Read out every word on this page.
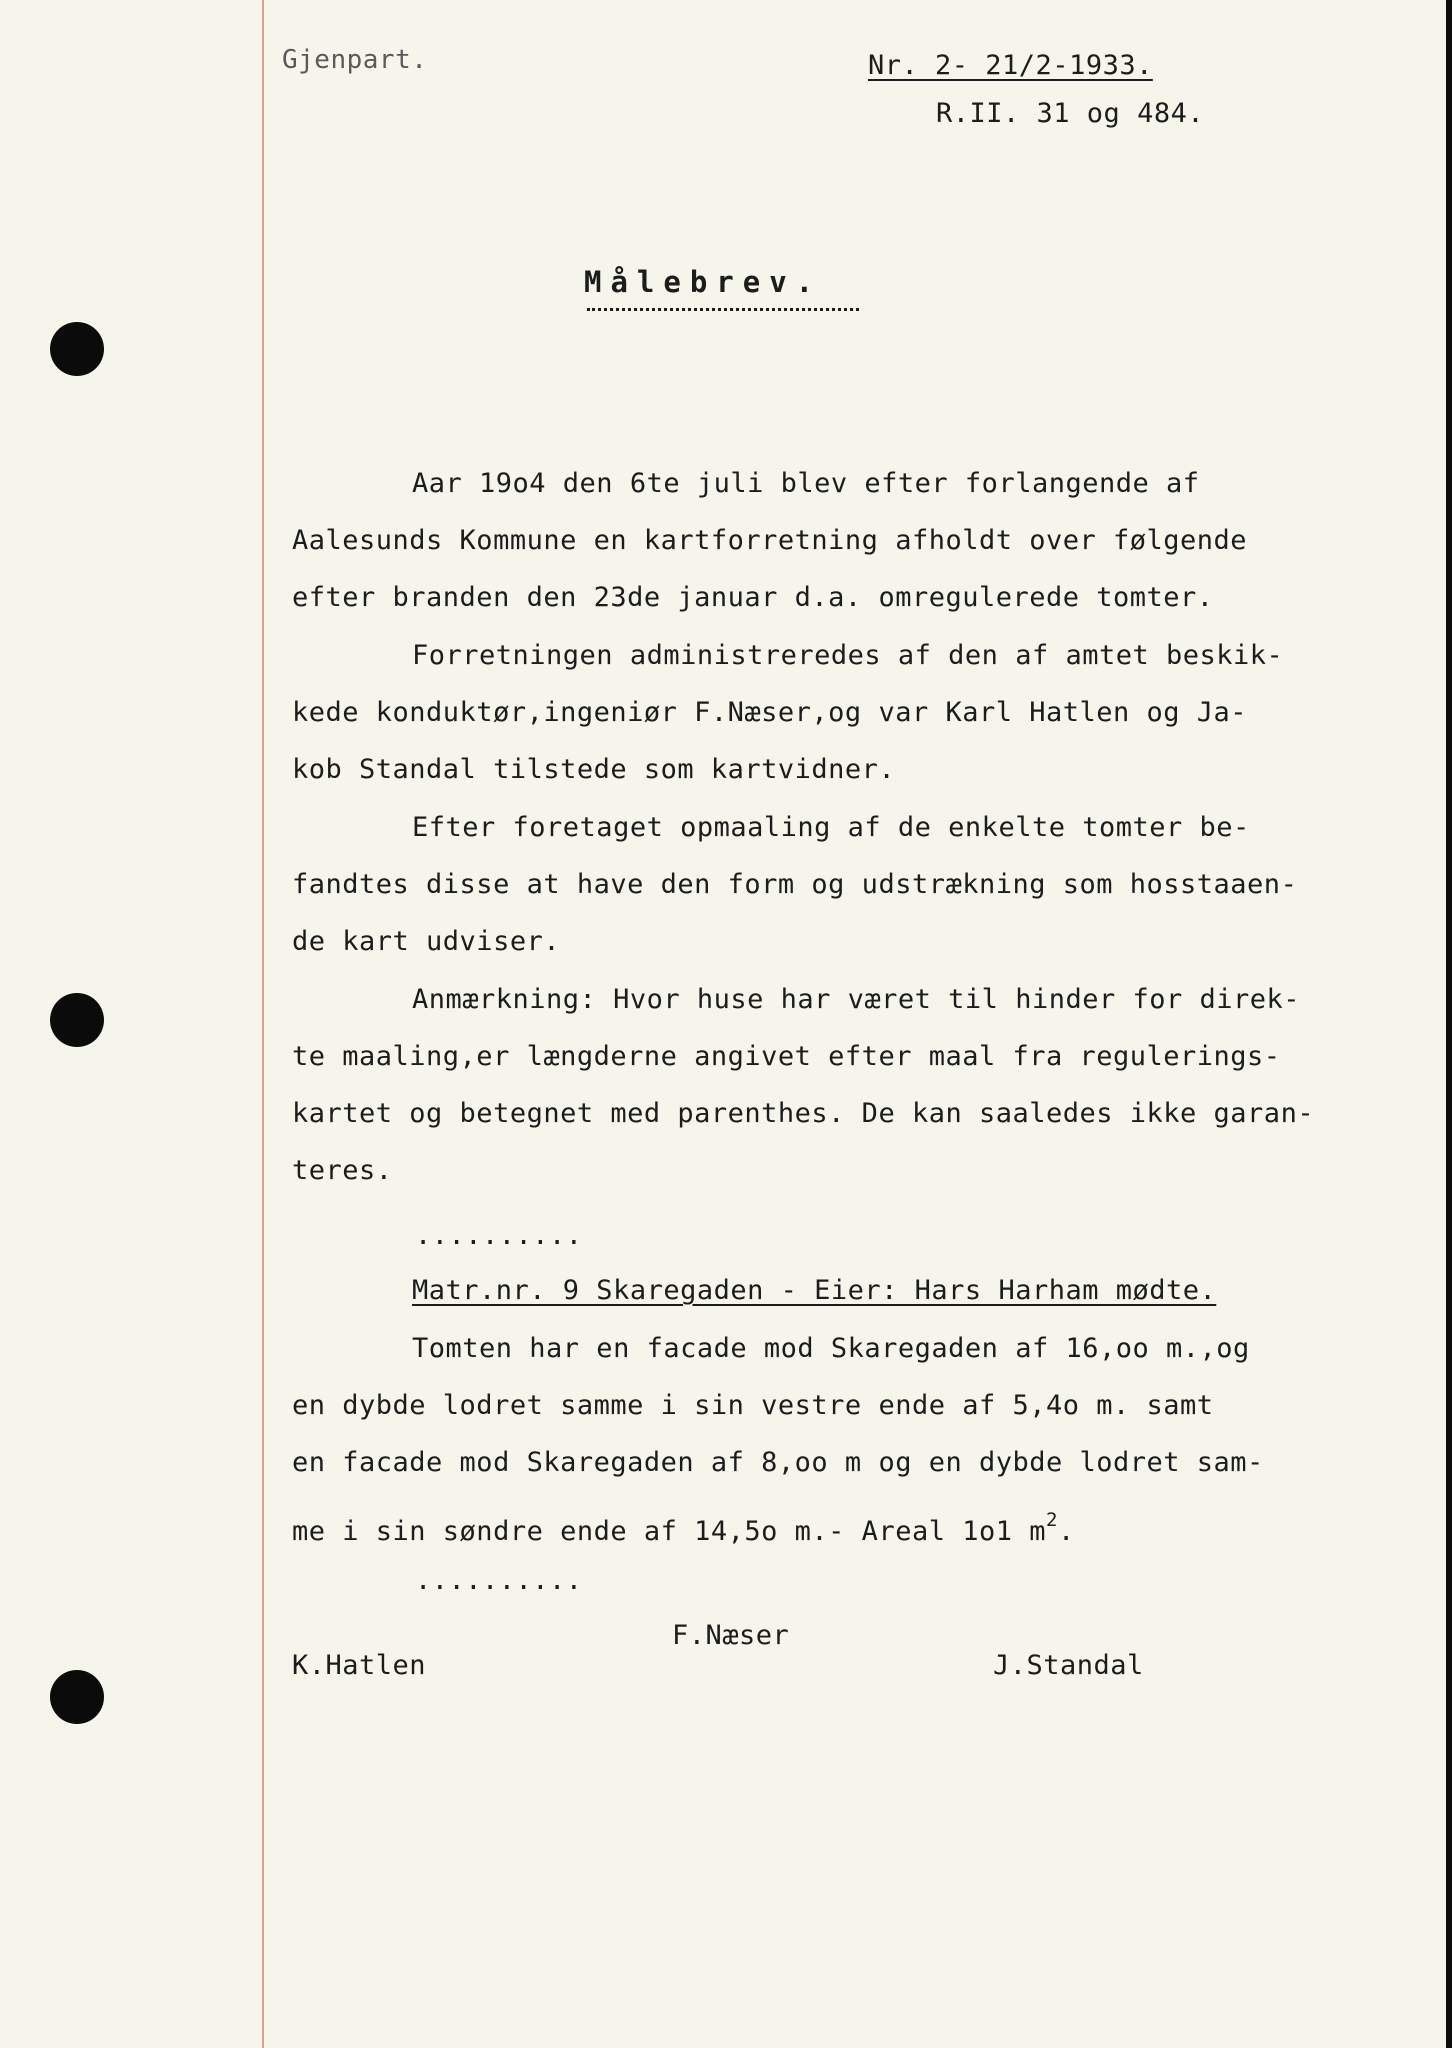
Gjenpart.	Nr. 2- 21/2-1933.
R.II. 31 og 484.
Målebrev.
Aar 19o4 den 6te juli blev efter forlangende af
Aalesunds Kommune en kartforretning afholdt over følgende
efter branden den 23de januar d.a. omregulerede tomter.
Forretningen administreredes af den af amtet beskik-
kede konduktør,ingeniør F.Næser,og var Karl Hatlen og Ja-
kob Standal tilstede som kartvidner.
Efter foretaget opmaaling af de enkelte tomter be-
fandtes disse at have den form og udstrækning som hosstaaen-
de kart udviser.
Anmærkning: Hvor huse har været til hinder for direk-
te maaling,er længderne angivet efter maal fra regulerings-
kartet og betegnet med parenthes. De kan saaledes ikke garan-
teres.
..........
Matr.nr. 9 Skaregaden - Eier: Hars Harham mødte.
Tomten har en facade mod Skaregaden af 16,oo m.,og
en dybde lodret samme i sin vestre ende af 5,4o m. samt
en facade mod Skaregaden af 8,oo m og en dybde lodret sam-
me i sin søndre ende af 14,5o m.- Areal 1o1 $m^2$.
..........
F.Næser
K.Hatlen	J.Standal
